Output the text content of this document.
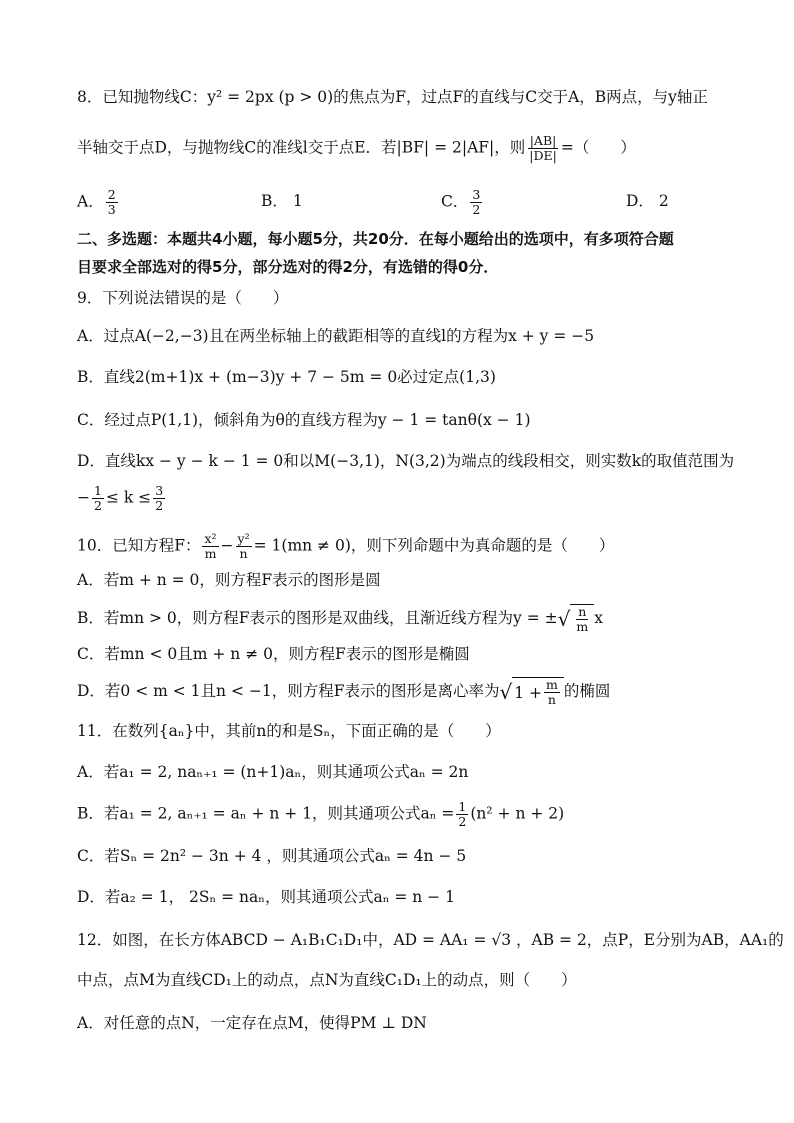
8．已知抛物线C：y² = 2px (p > 0)的焦点为F，过点F的直线与C交于A，B两点，与y轴正
半轴交于点D，与抛物线C的准线l交于点E．若|BF| = 2|AF|，则 $\frac{|AB|}{|DE|}$ =（　　）
A． $\frac{2}{3}$	B． 1	C． $\frac{3}{2}$	D． 2
二、多选题：本题共4小题，每小题5分，共20分．在每小题给出的选项中，有多项符合题
目要求全部选对的得5分，部分选对的得2分，有选错的得0分．
9．下列说法错误的是（　　）
A．过点A(−2,−3)且在两坐标轴上的截距相等的直线l的方程为x + y = −5
B．直线2(m+1)x + (m−3)y + 7 − 5m = 0必过定点(1,3)
C．经过点P(1,1)，倾斜角为θ的直线方程为y − 1 = tanθ(x − 1)
D．直线kx − y − k − 1 = 0和以M(−3,1)，N(3,2)为端点的线段相交，则实数k的取值范围为
− $\frac{1}{2} \le k \le \frac{3}{2}$
10．已知方程F： $\frac{\text{x²}}{m} - \frac{\text{y²}}{n} = 1(mn \ne 0)$，则下列命题中为真命题的是（　　）
A．若m + n = 0，则方程F表示的图形是圆
B．若mn > 0，则方程F表示的图形是双曲线，且渐近线方程为y = ± √ $\frac{n}{m}$ x
C．若mn < 0且m + n ≠ 0，则方程F表示的图形是椭圆
D．若0 < m < 1且n < −1，则方程F表示的图形是离心率为 √ $1 + \frac{m}{n}$ 的椭圆
11．在数列{aₙ}中，其前n的和是Sₙ，下面正确的是（　　）
A．若a₁ = 2, naₙ₊₁ = (n+1)aₙ，则其通项公式aₙ = 2n
B．若a₁ = 2, aₙ₊₁ = aₙ + n + 1，则其通项公式$a_n = \frac{1}{2} (n^2 + n + 2)$
C．若Sₙ = 2n² − 3n + 4 ，则其通项公式aₙ = 4n − 5
D．若a₂ = 1， 2Sₙ = naₙ，则其通项公式aₙ = n − 1
12．如图，在长方体ABCD − A₁B₁C₁D₁中，AD = AA₁ = √3 ，AB = 2，点P，E分别为AB，AA₁的
中点，点M为直线CD₁上的动点，点N为直线C₁D₁上的动点，则（　　）
A．对任意的点N，一定存在点M，使得PM ⊥ DN
